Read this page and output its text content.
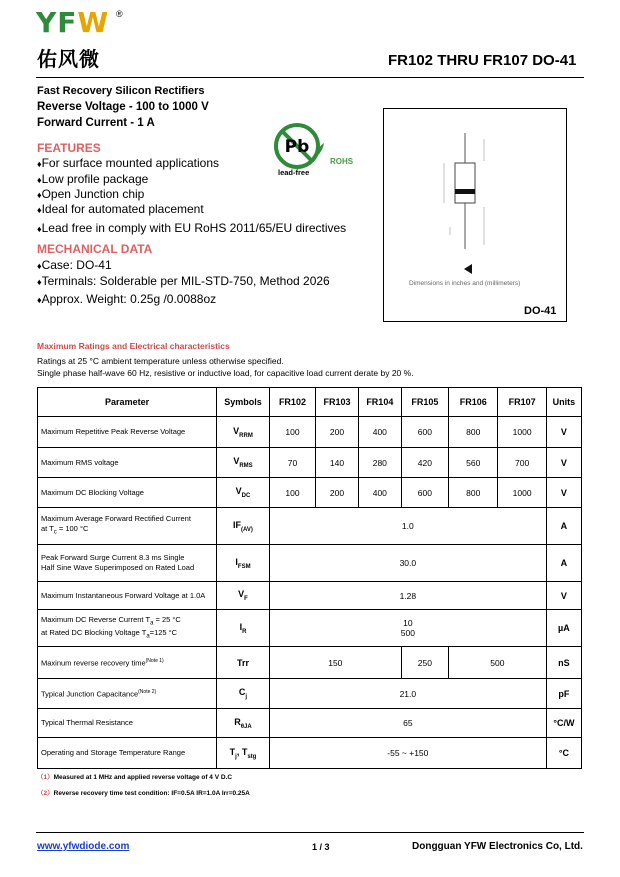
YFW ®
佑风微	FR102 THRU FR107 DO-41
Fast Recovery Silicon Rectifiers
Reverse Voltage - 100 to 1000 V
Forward Current - 1 A
Pb
ROHS
lead-free
FEATURES
♦For surface mounted applications
♦Low profile package
♦Open Junction chip
♦Ideal for automated placement
♦Lead free in comply with EU RoHS 2011/65/EU directives
MECHANICAL DATA
♦Case: DO-41
♦Terminals: Solderable per MIL-STD-750, Method 2026
♦Approx. Weight: 0.25g /0.0088oz
Dimensions in inches and (millimeters)
DO-41
Maximum Ratings and Electrical characteristics
Ratings at 25 °C ambient temperature unless otherwise specified.
Single phase half-wave 60 Hz, resistive or inductive load, for capacitive load current derate by 20 %.
Parameter	Symbols	FR102	FR103	FR104	FR105	FR106	FR107	Units
Maximum Repetitive Peak Reverse Voltage	$V_{RRM}$	100	200	400	600	800	1000	V
Maximum RMS voltage	$V_{RMS}$	70	140	280	420	560	700	V
Maximum DC Blocking Voltage	$V_{DC}$	100	200	400	600	800	1000	V
Maximum Average Forward Rectified Current
at $T_c = 100$ °C	$IF_{(AV)}$	1.0						A
Peak Forward Surge Current 8.3 ms Single
Half Sine Wave Superimposed on Rated Load	$I_{FSM}$	30.0						A
Maximum Instantaneous Forward Voltage at 1.0A	$V_F$	1.28						V
Maximum DC Reverse Current $T_a = 25$ °C
at Rated DC Blocking Voltage $T_a=125$ °C	$I_R$	10
500						µA
Maxinum reverse recovery time$^{(Note 1)}$	Trr	150			250	500		nS
Typical Junction Capacitance$^{(Note 2)}$	$C_j$	21.0						pF
Typical Thermal Resistance	$R_{\theta JA}$	65						°C/W
Operating and Storage Temperature Range	$T_j$, $T_{stg}$	-55 ~ +150						°C
（1）Measured at 1 MHz and applied reverse voltage of 4 V D.C
（2）Reverse recovery time test condition: IF=0.5A IR=1.0A Irr=0.25A
www.yfwdiode.com	1 / 3	Dongguan YFW Electronics Co, Ltd.
